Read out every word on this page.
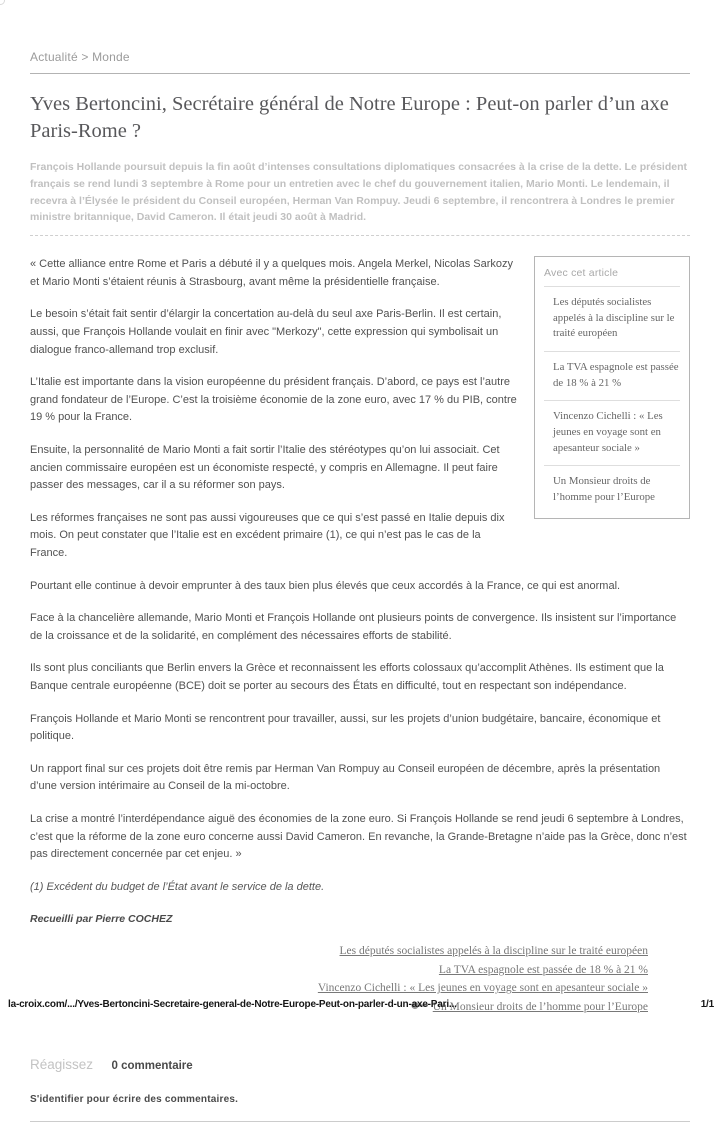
Actualité > Monde
Yves Bertoncini, Secrétaire général de Notre Europe : Peut-on parler d’un axe Paris-Rome ?

François Hollande poursuit depuis la fin août d’intenses consultations diplomatiques consacrées à la crise de la dette. Le président français se rend lundi 3 septembre à Rome pour un entretien avec le chef du gouvernement italien, Mario Monti. Le lendemain, il recevra à l’Élysée le président du Conseil européen, Herman Van Rompuy. Jeudi 6 septembre, il rencontrera à Londres le premier ministre britannique, David Cameron. Il était jeudi 30 août à Madrid.

Avec cet article
Les députés socialistes appelés à la discipline sur le traité européen
La TVA espagnole est passée de 18 % à 21 %
Vincenzo Cichelli : « Les jeunes en voyage sont en apesanteur sociale »
Un Monsieur droits de l’homme pour l’Europe

« Cette alliance entre Rome et Paris a débuté il y a quelques mois. Angela Merkel, Nicolas Sarkozy et Mario Monti s’étaient réunis à Strasbourg, avant même la présidentielle française.

Le besoin s’était fait sentir d’élargir la concertation au-delà du seul axe Paris-Berlin. Il est certain, aussi, que François Hollande voulait en finir avec "Merkozy", cette expression qui symbolisait un dialogue franco-allemand trop exclusif.

L’Italie est importante dans la vision européenne du président français. D’abord, ce pays est l’autre grand fondateur de l’Europe. C’est la troisième économie de la zone euro, avec 17 % du PIB, contre 19 % pour la France.

Ensuite, la personnalité de Mario Monti a fait sortir l’Italie des stéréotypes qu’on lui associait. Cet ancien commissaire européen est un économiste respecté, y compris en Allemagne. Il peut faire passer des messages, car il a su réformer son pays.

Les réformes françaises ne sont pas aussi vigoureuses que ce qui s’est passé en Italie depuis dix mois. On peut constater que l’Italie est en excédent primaire (1), ce qui n’est pas le cas de la France.

Pourtant elle continue à devoir emprunter à des taux bien plus élevés que ceux accordés à la France, ce qui est anormal.

Face à la chancelière allemande, Mario Monti et François Hollande ont plusieurs points de convergence. Ils insistent sur l’importance de la croissance et de la solidarité, en complément des nécessaires efforts de stabilité.

Ils sont plus conciliants que Berlin envers la Grèce et reconnaissent les efforts colossaux qu’accomplit Athènes. Ils estiment que la Banque centrale européenne (BCE) doit se porter au secours des États en difficulté, tout en respectant son indépendance.

François Hollande et Mario Monti se rencontrent pour travailler, aussi, sur les projets d’union budgétaire, bancaire, économique et politique.

Un rapport final sur ces projets doit être remis par Herman Van Rompuy au Conseil européen de décembre, après la présentation d’une version intérimaire au Conseil de la mi-octobre.

La crise a montré l’interdépendance aiguë des économies de la zone euro. Si François Hollande se rend jeudi 6 septembre à Londres, c’est que la réforme de la zone euro concerne aussi David Cameron. En revanche, la Grande-Bretagne n’aide pas la Grèce, donc n’est pas directement concernée par cet enjeu. »

(1) Excédent du budget de l’État avant le service de la dette.

Recueilli par Pierre COCHEZ

Les députés socialistes appelés à la discipline sur le traité européen
La TVA espagnole est passée de 18 % à 21 %
Vincenzo Cichelli : « Les jeunes en voyage sont en apesanteur sociale »
Un Monsieur droits de l’homme pour l’Europe
Réagissez 0 commentaire
S'identifier pour écrire des commentaires.
la-croix.com/.../Yves-Bertoncini-Secretaire-general-de-Notre-Europe-Peut-on-parler-d-un-axe-Pari...	1/1
